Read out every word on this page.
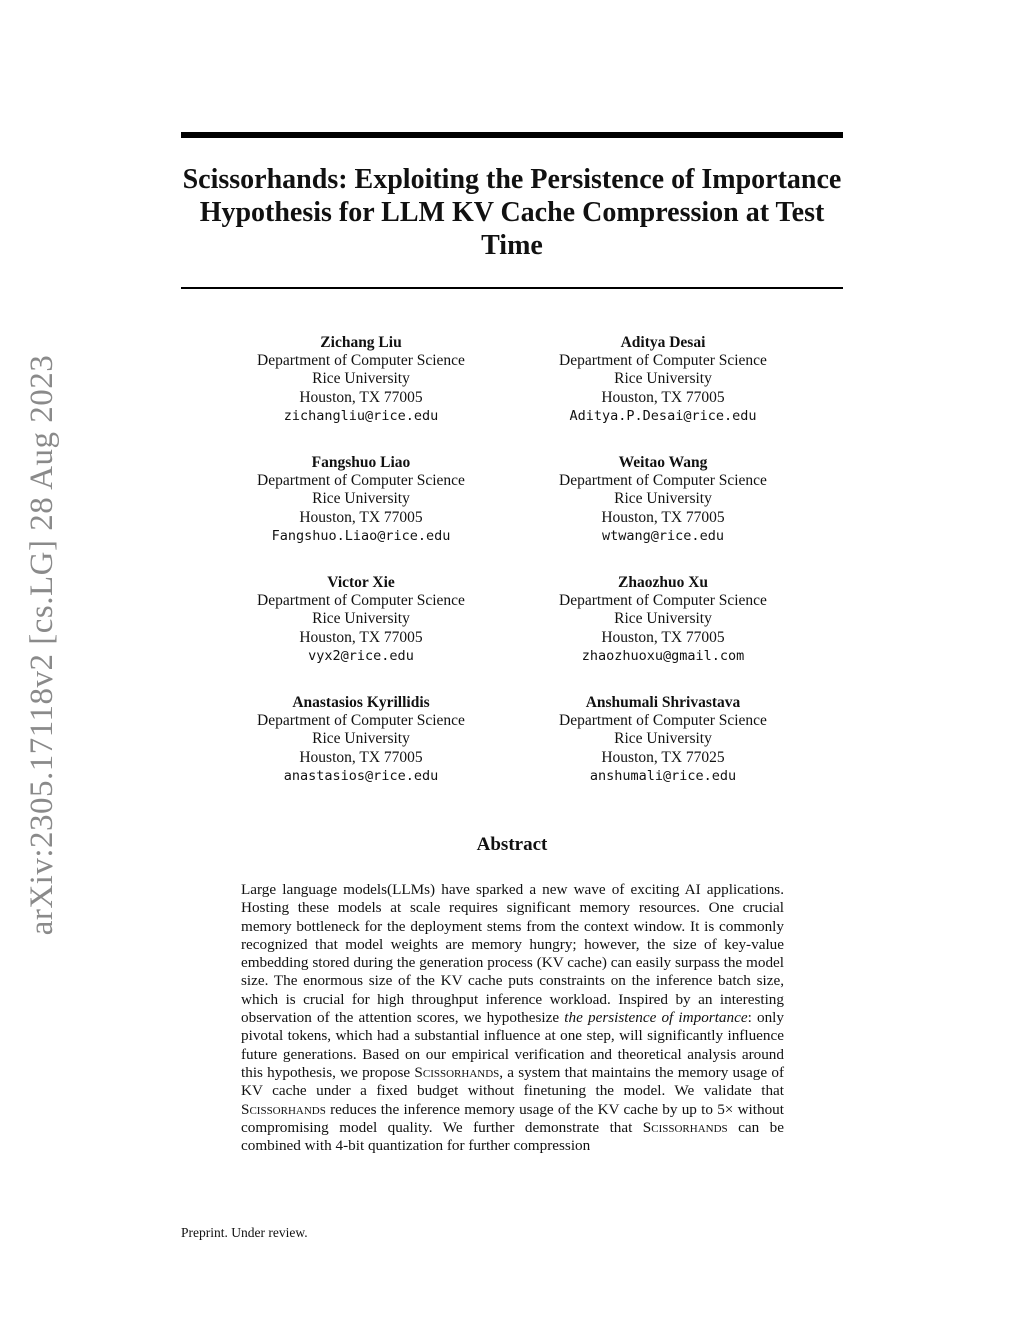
arXiv:2305.17118v2 [cs.LG] 28 Aug 2023
Scissorhands: Exploiting the Persistence of Importance Hypothesis for LLM KV Cache Compression at Test Time
Zichang Liu
Department of Computer Science
Rice University
Houston, TX 77005
zichangliu@rice.edu
Aditya Desai
Department of Computer Science
Rice University
Houston, TX 77005
Aditya.P.Desai@rice.edu
Fangshuo Liao
Department of Computer Science
Rice University
Houston, TX 77005
Fangshuo.Liao@rice.edu
Weitao Wang
Department of Computer Science
Rice University
Houston, TX 77005
wtwang@rice.edu
Victor Xie
Department of Computer Science
Rice University
Houston, TX 77005
vyx2@rice.edu
Zhaozhuo Xu
Department of Computer Science
Rice University
Houston, TX 77005
zhaozhuoxu@gmail.com
Anastasios Kyrillidis
Department of Computer Science
Rice University
Houston, TX 77005
anastasios@rice.edu
Anshumali Shrivastava
Department of Computer Science
Rice University
Houston, TX 77025
anshumali@rice.edu
Abstract

Large language models(LLMs) have sparked a new wave of exciting AI applications. Hosting these models at scale requires significant memory resources. One crucial memory bottleneck for the deployment stems from the context window. It is commonly recognized that model weights are memory hungry; however, the size of key-value embedding stored during the generation process (KV cache) can easily surpass the model size. The enormous size of the KV cache puts constraints on the inference batch size, which is crucial for high throughput inference workload. Inspired by an interesting observation of the attention scores, we hypothesize the persistence of importance: only pivotal tokens, which had a substantial influence at one step, will significantly influence future generations. Based on our empirical verification and theoretical analysis around this hypothesis, we propose Scissorhands, a system that maintains the memory usage of KV cache under a fixed budget without finetuning the model. We validate that Scissorhands reduces the inference memory usage of the KV cache by up to 5× without compromising model quality. We further demonstrate that Scissorhands can be combined with 4-bit quantization for further compression

Preprint. Under review.
